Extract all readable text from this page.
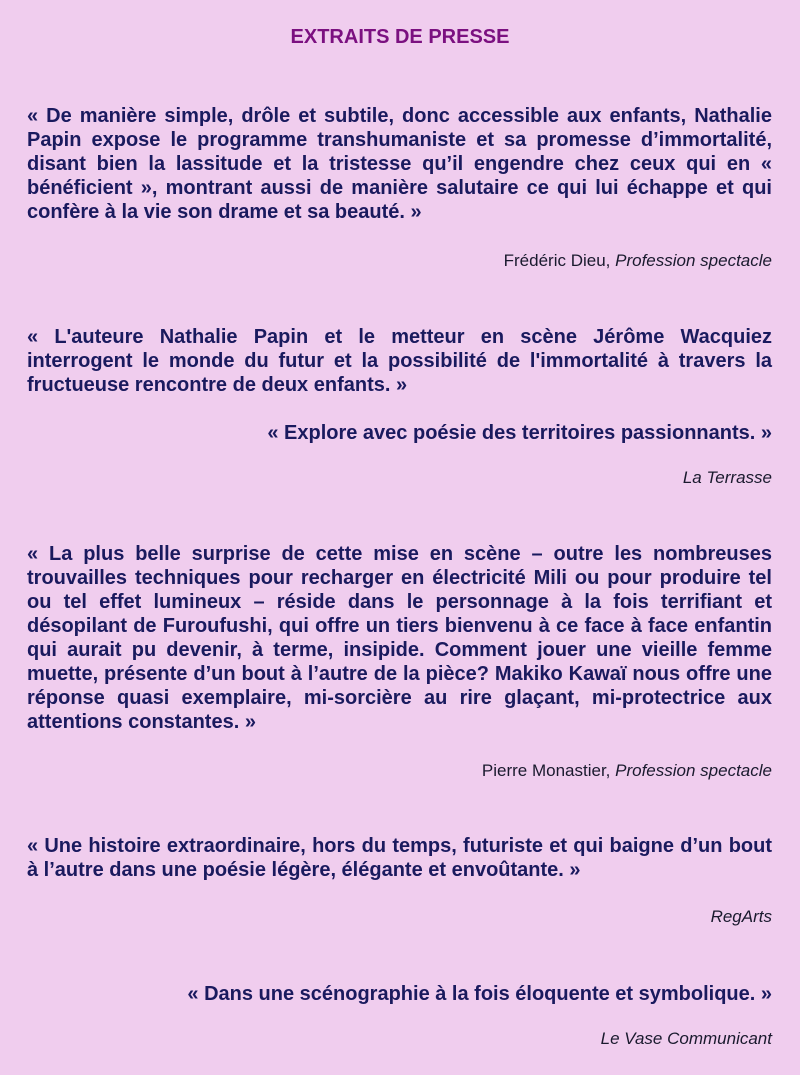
EXTRAITS DE PRESSE

« De manière simple, drôle et subtile, donc accessible aux enfants, Nathalie Papin expose le programme transhumaniste et sa promesse d’immortalité, disant bien la lassitude et la tristesse qu’il engendre chez ceux qui en « bénéficient », montrant aussi de manière salutaire ce qui lui échappe et qui confère à la vie son drame et sa beauté. »

Frédéric Dieu, Profession spectacle

« L'auteure Nathalie Papin et le metteur en scène Jérôme Wacquiez interrogent le monde du futur et la possibilité de l'immortalité à travers la fructueuse rencontre de deux enfants. »

« Explore avec poésie des territoires passionnants. »

La Terrasse

« La plus belle surprise de cette mise en scène – outre les nombreuses trouvailles techniques pour recharger en électricité Mili ou pour produire tel ou tel effet lumineux – réside dans le personnage à la fois terrifiant et désopilant de Furoufushi, qui offre un tiers bienvenu à ce face à face enfantin qui aurait pu devenir, à terme, insipide. Comment jouer une vieille femme muette, présente d’un bout à l’autre de la pièce? Makiko Kawaï nous offre une réponse quasi exemplaire, mi-sorcière au rire glaçant, mi-protectrice aux attentions constantes. »

Pierre Monastier, Profession spectacle

« Une histoire extraordinaire, hors du temps, futuriste et qui baigne d’un bout à l’autre dans une poésie légère, élégante et envoûtante. »

RegArts

« Dans une scénographie à la fois éloquente et symbolique. »

Le Vase Communicant
